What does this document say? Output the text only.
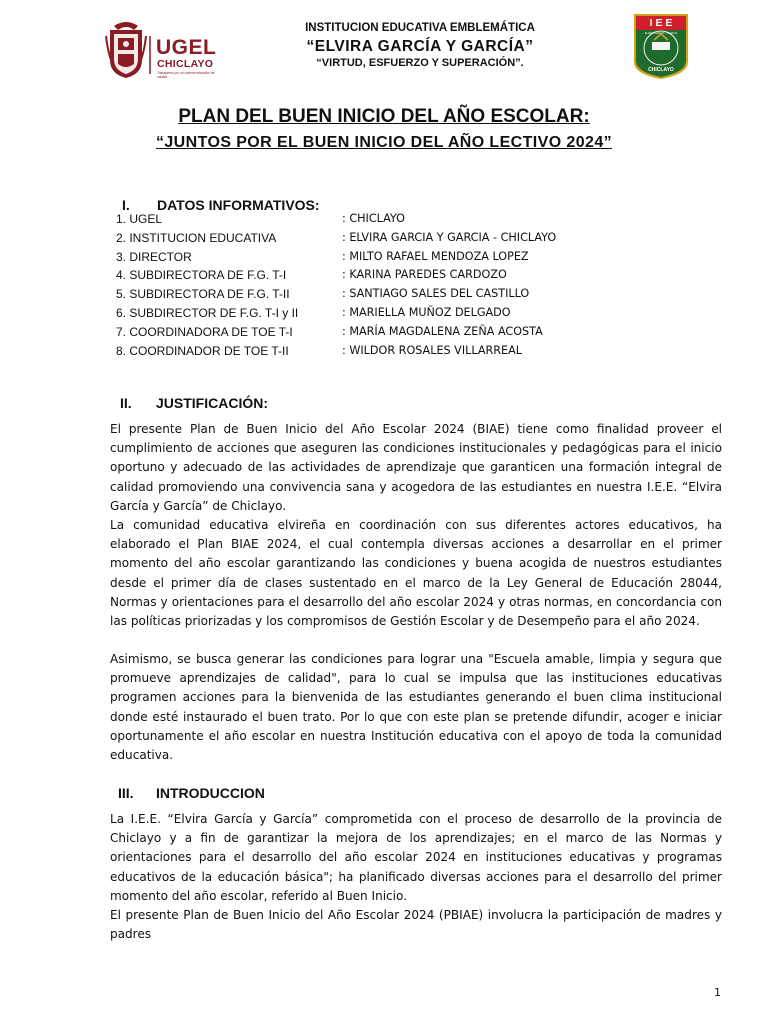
UGEL
CHICLAYO
Trabajamos por un sistema educativo de calidad
INSTITUCION EDUCATIVA EMBLEMÁTICA
“ELVIRA GARCÍA Y GARCÍA”
“VIRTUD, ESFUERZO Y SUPERACIÓN”.
I E E
EGG
CHICLAYO
ELVIRA GARCÍA Y GARCÍA
PLAN DEL BUEN INICIO DEL AÑO ESCOLAR:
“JUNTOS POR EL BUEN INICIO DEL AÑO LECTIVO 2024”
I. DATOS INFORMATIVOS:
1. UGEL	: CHICLAYO
2. INSTITUCION EDUCATIVA	: ELVIRA GARCIA Y GARCIA - CHICLAYO
3. DIRECTOR	: MILTO RAFAEL MENDOZA LOPEZ
4. SUBDIRECTORA DE F.G. T-I	: KARINA PAREDES CARDOZO
5. SUBDIRECTORA DE F.G. T-II	: SANTIAGO SALES DEL CASTILLO
6. SUBDIRECTOR DE F.G. T-I y II	: MARIELLA MUÑOZ DELGADO
7. COORDINADORA DE TOE T-I	: MARÍA MAGDALENA ZEÑA ACOSTA
8. COORDINADOR DE TOE T-II	: WILDOR ROSALES VILLARREAL
II. JUSTIFICACIÓN:

El presente Plan de Buen Inicio del Año Escolar 2024 (BIAE) tiene como finalidad proveer el cumplimiento de acciones que aseguren las condiciones institucionales y pedagógicas para el inicio oportuno y adecuado de las actividades de aprendizaje que garanticen una formación integral de calidad promoviendo una convivencia sana y acogedora de las estudiantes en nuestra I.E.E. “Elvira García y García” de Chiclayo.

La comunidad educativa elvireña en coordinación con sus diferentes actores educativos, ha elaborado el Plan BIAE 2024, el cual contempla diversas acciones a desarrollar en el primer momento del año escolar garantizando las condiciones y buena acogida de nuestros estudiantes desde el primer día de clases sustentado en el marco de la Ley General de Educación 28044, Normas y orientaciones para el desarrollo del año escolar 2024 y otras normas, en concordancia con las políticas priorizadas y los compromisos de Gestión Escolar y de Desempeño para el año 2024.

Asimismo, se busca generar las condiciones para lograr una "Escuela amable, limpia y segura que promueve aprendizajes de calidad", para lo cual se impulsa que las instituciones educativas programen acciones para la bienvenida de las estudiantes generando el buen clima institucional donde esté instaurado el buen trato. Por lo que con este plan se pretende difundir, acoger e iniciar oportunamente el año escolar en nuestra Institución educativa con el apoyo de toda la comunidad educativa.

III. INTRODUCCION

La I.E.E. “Elvira García y García” comprometida con el proceso de desarrollo de la provincia de Chiclayo y a fin de garantizar la mejora de los aprendizajes; en el marco de las Normas y orientaciones para el desarrollo del año escolar 2024 en instituciones educativas y programas educativos de la educación básica"; ha planificado diversas acciones para el desarrollo del primer momento del año escolar, referido al Buen Inicio.

El presente Plan de Buen Inicio del Año Escolar 2024 (PBIAE) involucra la participación de madres y padres

1
